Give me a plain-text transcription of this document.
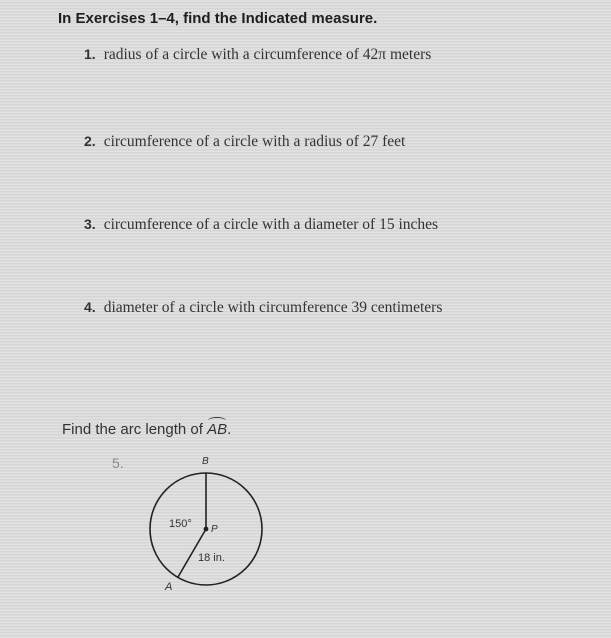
In Exercises 1–4, find the Indicated measure.
1. radius of a circle with a circumference of 42π meters
2. circumference of a circle with a radius of 27 feet
3. circumference of a circle with a diameter of 15 inches
4. diameter of a circle with circumference 39 centimeters
Find the arc length of AB.
5.	B
A
P
150°
18 in.
